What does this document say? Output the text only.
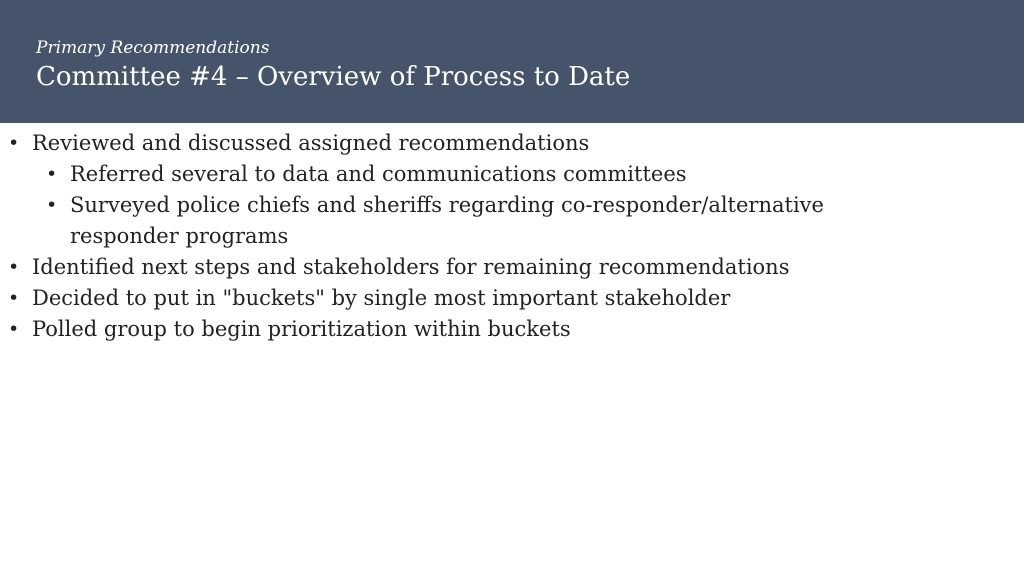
Primary Recommendations
Committee #4 – Overview of Process to Date
• Reviewed and discussed assigned recommendations
• Referred several to data and communications committees
• Surveyed police chiefs and sheriffs regarding co-responder/alternative responder programs
• Identified next steps and stakeholders for remaining recommendations
• Decided to put in "buckets" by single most important stakeholder
• Polled group to begin prioritization within buckets
